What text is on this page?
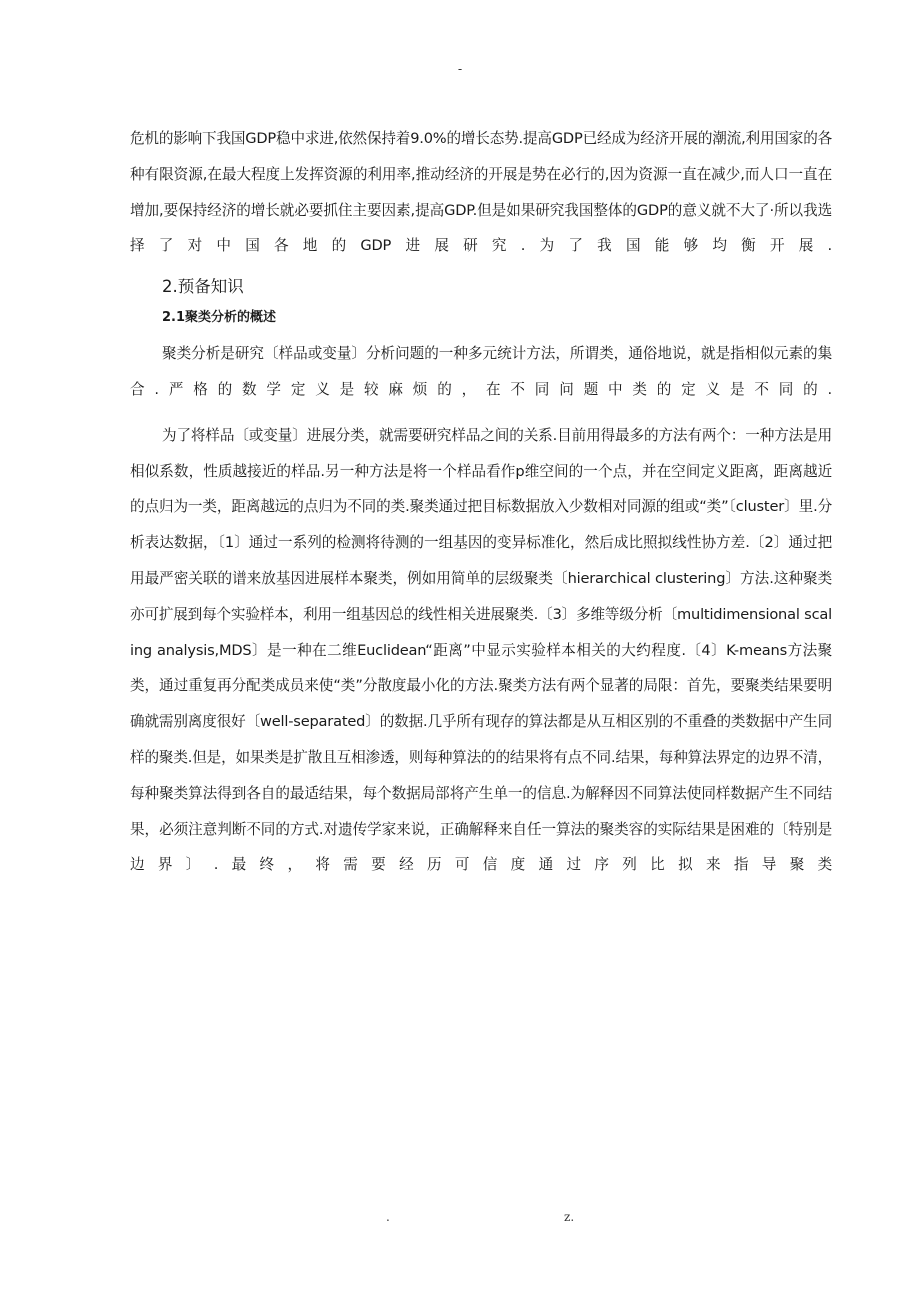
-

危机的影响下我国GDP稳中求进,依然保持着9.0%的增长态势.提高GDP已经成为经济开展的潮流,利用国家的各种有限资源,在最大程度上发挥资源的利用率,推动经济的开展是势在必行的,因为资源一直在减少,而人口一直在增加,要保持经济的增长就必要抓住主要因素,提高GDP.但是如果研究我国整体的GDP的意义就不大了·所以我选择了对中国各地的GDP进展研究.为了我国能够均衡开展.

2.预备知识
2.1聚类分析的概述

聚类分析是研究〔样品或变量〕分析问题的一种多元统计方法，所谓类，通俗地说，就是指相似元素的集合.严格的数学定义是较麻烦的，在不同问题中类的定义是不同的.

为了将样品〔或变量〕进展分类，就需要研究样品之间的关系.目前用得最多的方法有两个：一种方法是用相似系数，性质越接近的样品.另一种方法是将一个样品看作p维空间的一个点，并在空间定义距离，距离越近的点归为一类，距离越远的点归为不同的类.聚类通过把目标数据放入少数相对同源的组或“类”〔cluster〕里.分析表达数据，〔1〕通过一系列的检测将待测的一组基因的变异标准化，然后成比照拟线性协方差.〔2〕通过把用最严密关联的谱来放基因进展样本聚类，例如用简单的层级聚类〔hierarchical clustering〕方法.这种聚类亦可扩展到每个实验样本，利用一组基因总的线性相关进展聚类.〔3〕多维等级分析〔multidimensional scaling analysis,MDS〕是一种在二维Euclidean“距离”中显示实验样本相关的大约程度.〔4〕K-means方法聚类，通过重复再分配类成员来使“类”分散度最小化的方法.聚类方法有两个显著的局限：首先，要聚类结果要明确就需别离度很好〔well-separated〕的数据.几乎所有现存的算法都是从互相区别的不重叠的类数据中产生同样的聚类.但是，如果类是扩散且互相渗透，则每种算法的的结果将有点不同.结果，每种算法界定的边界不清，每种聚类算法得到各自的最适结果，每个数据局部将产生单一的信息.为解释因不同算法使同样数据产生不同结果，必须注意判断不同的方式.对遗传学家来说，正确解释来自任一算法的聚类容的实际结果是困难的〔特别是边界〕.最终，将需要经历可信度通过序列比拟来指导聚类

.	z.
